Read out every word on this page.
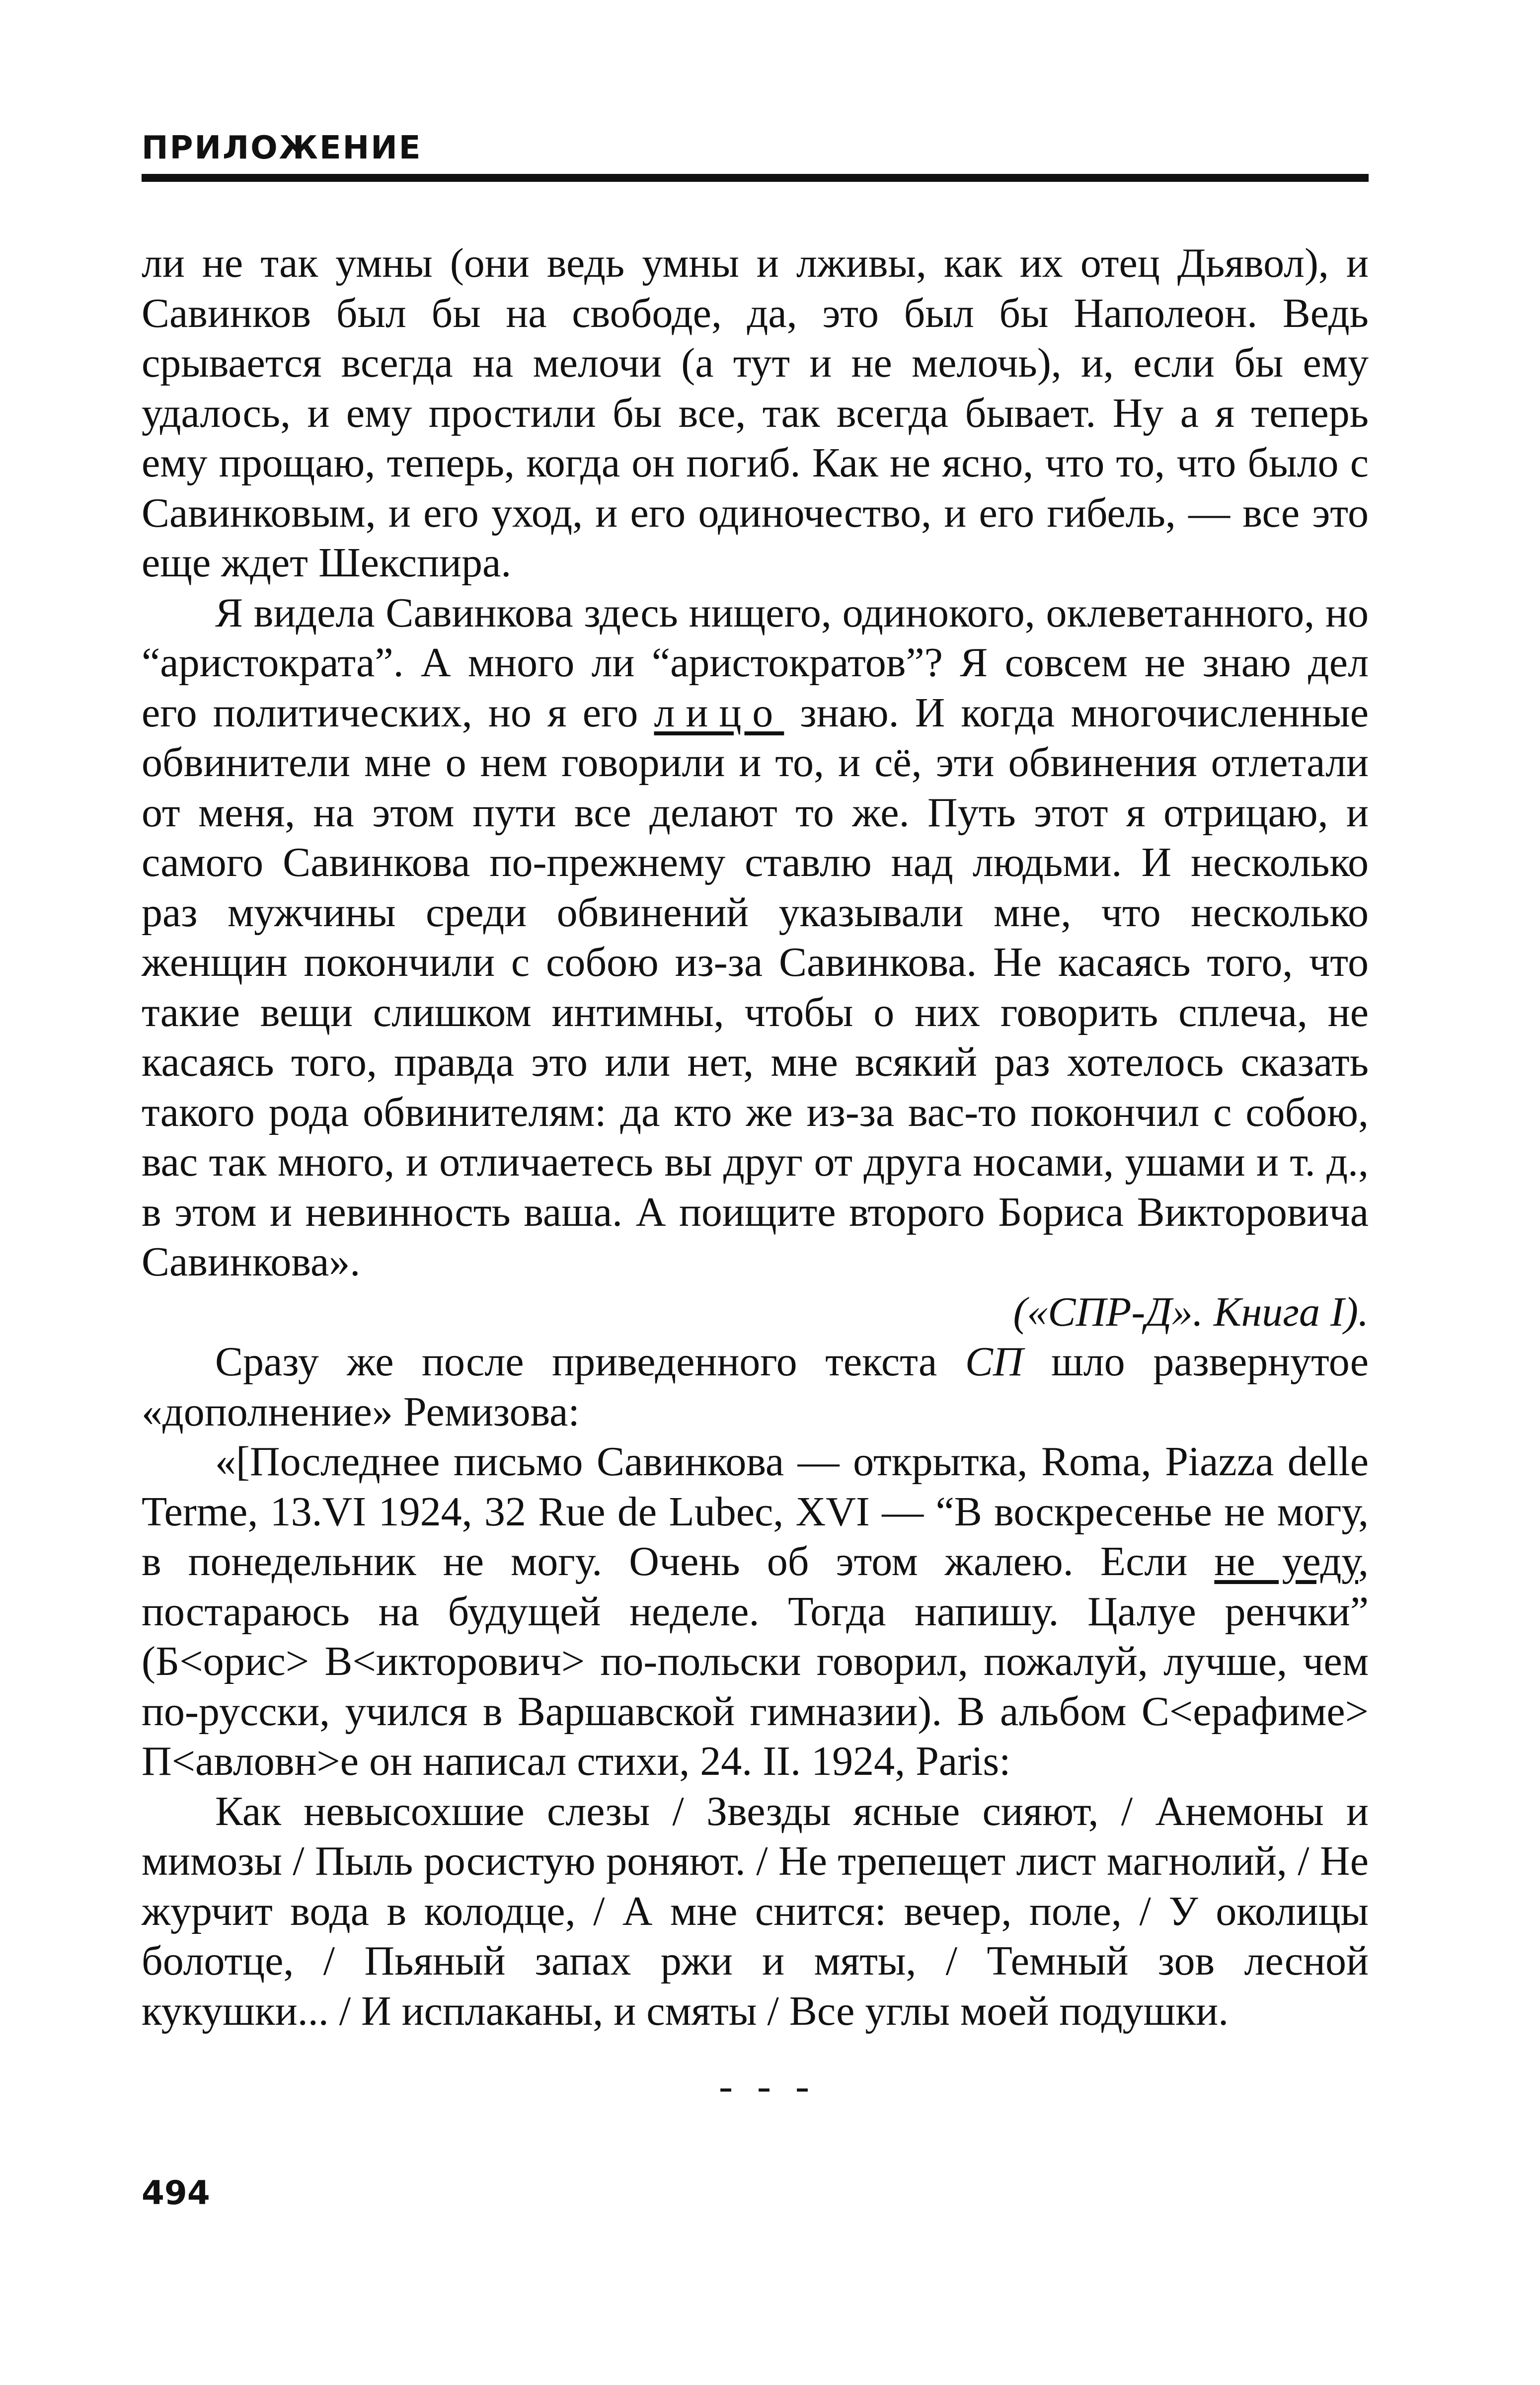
ПРИЛОЖЕНИЕ

ли не так умны (они ведь умны и лживы, как их отец Дьявол), и Савинков был бы на свободе, да, это был бы Наполеон. Ведь срывается всегда на мелочи (а тут и не мелочь), и, если бы ему удалось, и ему простили бы все, так всегда бывает. Ну а я теперь ему прощаю, теперь, когда он погиб. Как не ясно, что то, что было с Савинковым, и его уход, и его одиночество, и его гибель, — все это еще ждет Шекспира.

Я видела Савинкова здесь нищего, одинокого, оклеветанного, но “аристократа”. А много ли “аристократов”? Я совсем не знаю дел его политических, но я его лицо знаю. И когда многочисленные обвинители мне о нем говорили и то, и сё, эти обвинения отлетали от меня, на этом пути все делают то же. Путь этот я отрицаю, и самого Савинкова по-прежнему ставлю над людьми. И несколько раз мужчины среди обвинений указывали мне, что несколько женщин покончили с собою из-за Савинкова. Не касаясь того, что такие вещи слишком интимны, чтобы о них говорить сплеча, не касаясь того, правда это или нет, мне всякий раз хотелось сказать такого рода обвинителям: да кто же из-за вас-то покончил с собою, вас так много, и отличаетесь вы друг от друга носами, ушами и т. д., в этом и невинность ваша. А поищите второго Бориса Викторовича Савинкова».

(«СПР-Д». Книга I).

Сразу же после приведенного текста СП шло развернутое «дополнение» Ремизова:

«[Последнее письмо Савинкова — открытка, Roma, Piazza delle Terme, 13.VI 1924, 32 Rue de Lubec, XVI — “В воскресенье не могу, в понедельник не могу. Очень об этом жалею. Если не уеду, постараюсь на будущей неделе. Тогда напишу. Цалуе ренчки” (Б<орис> В<икторович> по-польски говорил, пожалуй, лучше, чем по-русски, учился в Варшавской гимназии). В альбом С<ерафиме> П<авловн>е он написал стихи, 24. II. 1924, Paris:

Как невысохшие слезы / Звезды ясные сияют, / Анемоны и мимозы / Пыль росистую роняют. / Не трепещет лист магнолий, / Не журчит вода в колодце, / А мне снится: вечер, поле, / У околицы болотце, / Пьяный запах ржи и мяты, / Темный зов лесной кукушки... / И исплаканы, и смяты / Все углы моей подушки.

- - -
494
